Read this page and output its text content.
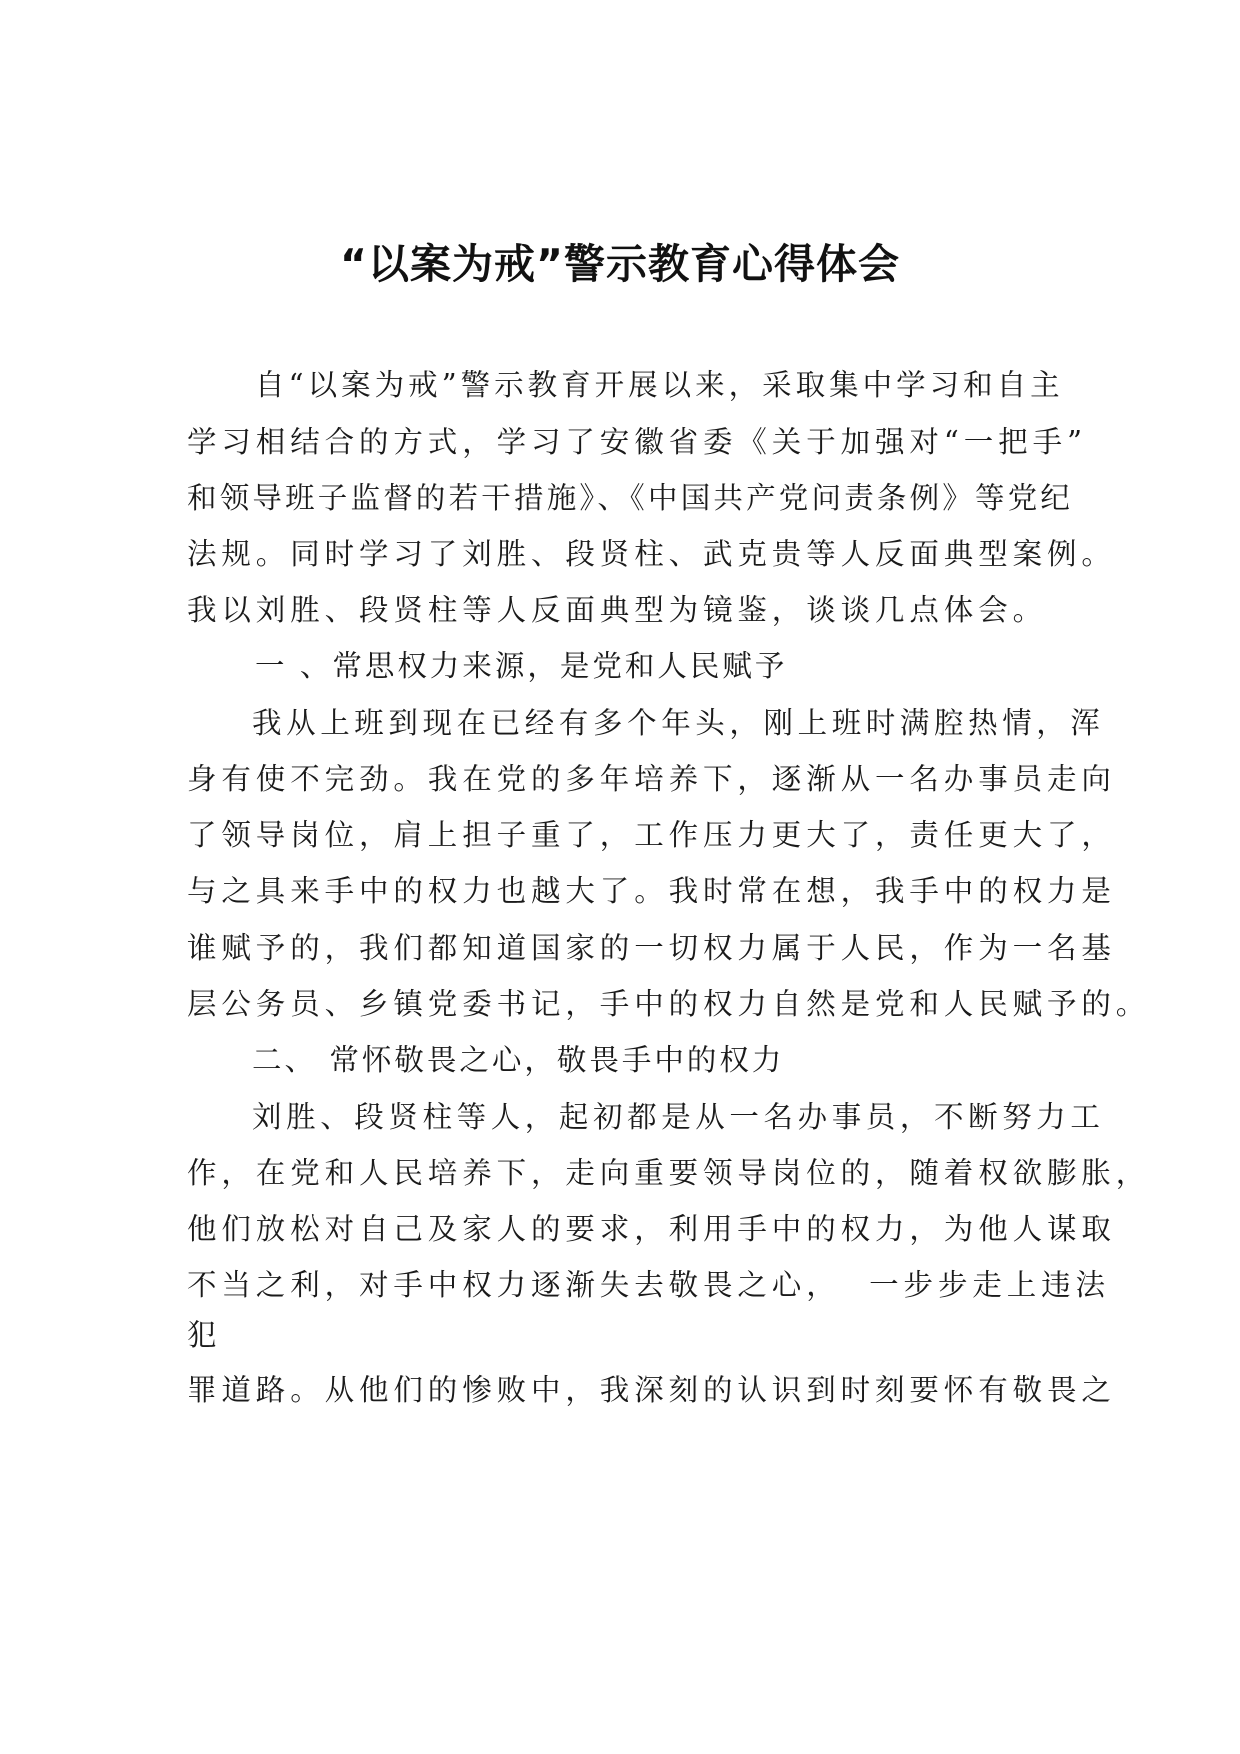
“以案为戒”警示教育心得体会
自“以案为戒”警示教育开展以来，采取集中学习和自主
学习相结合的方式，学习了安徽省委《关于加强对“一把手”
和领导班子监督的若干措施》、《中国共产党问责条例》等党纪
法规。同时学习了刘胜、段贤柱、武克贵等人反面典型案例。
我以刘胜、段贤柱等人反面典型为镜鉴，谈谈几点体会。
一 、常思权力来源，是党和人民赋予
我从上班到现在已经有多个年头，刚上班时满腔热情，浑
身有使不完劲。我在党的多年培养下，逐渐从一名办事员走向
了领导岗位，肩上担子重了，工作压力更大了，责任更大了，
与之具来手中的权力也越大了。我时常在想，我手中的权力是
谁赋予的，我们都知道国家的一切权力属于人民，作为一名基
层公务员、乡镇党委书记，手中的权力自然是党和人民赋予的。
二、 常怀敬畏之心，敬畏手中的权力
刘胜、段贤柱等人，起初都是从一名办事员，不断努力工
作，在党和人民培养下，走向重要领导岗位的，随着权欲膨胀，
他们放松对自己及家人的要求，利用手中的权力，为他人谋取
不当之利，对手中权力逐渐失去敬畏之心，  一步步走上违法
犯
罪道路。从他们的惨败中，我深刻的认识到时刻要怀有敬畏之
